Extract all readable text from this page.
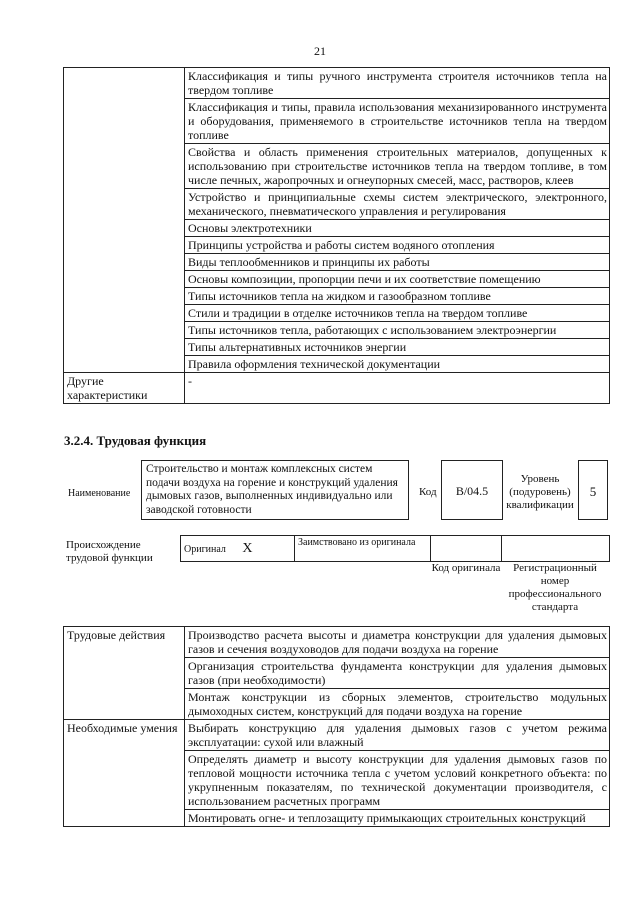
21
	Классификация и типы ручного инструмента строителя источников тепла на твердом топливе
	Классификация и типы, правила использования механизированного инструмента и оборудования, применяемого в строительстве источников тепла на твердом топливе
	Свойства и область применения строительных материалов, допущенных к использованию при строительстве источников тепла на твердом топливе, в том числе печных, жаропрочных и огнеупорных смесей, масс, растворов, клеев
	Устройство и принципиальные схемы систем электрического, электронного, механического, пневматического управления и регулирования
	Основы электротехники
	Принципы устройства и работы систем водяного отопления
	Виды теплообменников и принципы их работы
	Основы композиции, пропорции печи и их соответствие помещению
	Типы источников тепла на жидком и газообразном топливе
	Стили и традиции в отделке источников тепла на твердом топливе
	Типы источников тепла, работающих с использованием электроэнергии
	Типы альтернативных источников энергии
	Правила оформления технической документации
Другие характеристики	-
3.2.4. Трудовая функция
Наименование
Строительство и монтаж комплексных систем подачи воздуха на горение и конструкций удаления дымовых газов, выполненных индивидуально или заводской готовности
Код	B/04.5
Уровень (подуровень) квалификации
5
Происхождение трудовой функции
Оригинал X	Заимствовано из оригинала		
Код оригинала	Регистрационный номер профессионального стандарта
Трудовые действия	Производство расчета высоты и диаметра конструкции для удаления дымовых газов и сечения воздуховодов для подачи воздуха на горение
	Организация строительства фундамента конструкции для удаления дымовых газов (при необходимости)
	Монтаж конструкции из сборных элементов, строительство модульных дымоходных систем, конструкций для подачи воздуха на горение
Необходимые умения	Выбирать конструкцию для удаления дымовых газов с учетом режима эксплуатации: сухой или влажный
	Определять диаметр и высоту конструкции для удаления дымовых газов по тепловой мощности источника тепла с учетом условий конкретного объекта: по укрупненным показателям, по технической документации производителя, с использованием расчетных программ
	Монтировать огне- и теплозащиту примыкающих строительных конструкций
